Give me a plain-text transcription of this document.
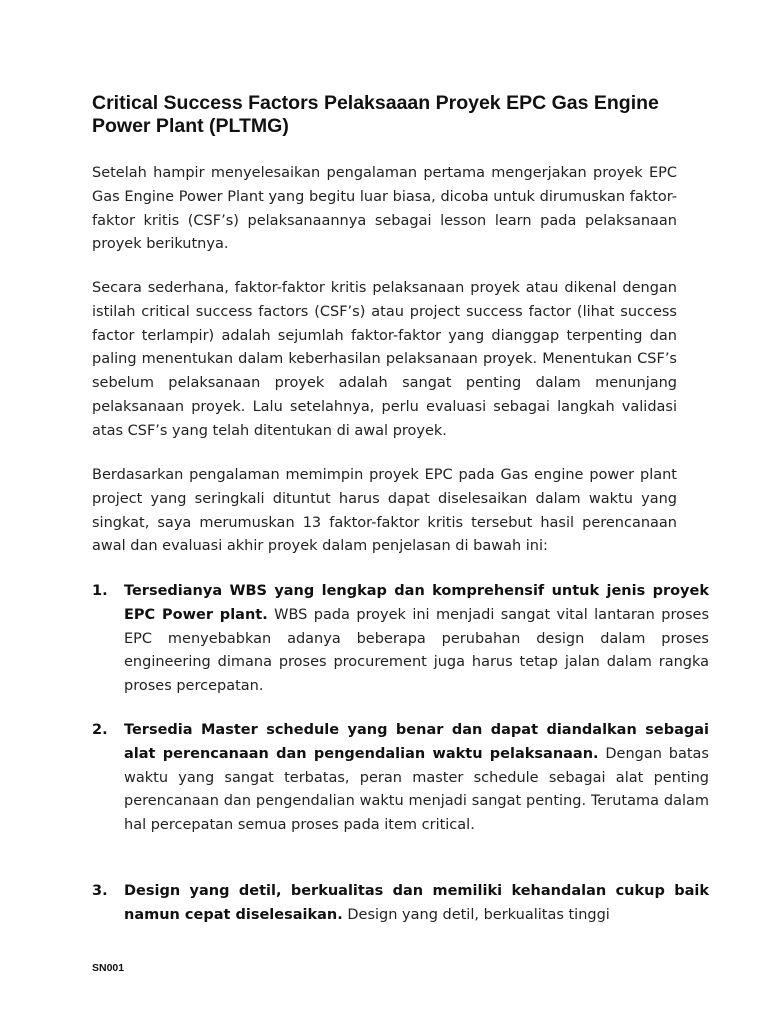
Critical Success Factors Pelaksaaan Proyek EPC Gas Engine Power Plant (PLTMG)

Setelah hampir menyelesaikan pengalaman pertama mengerjakan proyek EPC Gas Engine Power Plant yang begitu luar biasa, dicoba untuk dirumuskan faktor-faktor kritis (CSF’s) pelaksanaannya sebagai lesson learn pada pelaksanaan proyek berikutnya.

Secara sederhana, faktor-faktor kritis pelaksanaan proyek atau dikenal dengan istilah critical success factors (CSF’s) atau project success factor (lihat success factor terlampir) adalah sejumlah faktor-faktor yang dianggap terpenting dan paling menentukan dalam keberhasilan pelaksanaan proyek. Menentukan CSF’s sebelum pelaksanaan proyek adalah sangat penting dalam menunjang pelaksanaan proyek. Lalu setelahnya, perlu evaluasi sebagai langkah validasi atas CSF’s yang telah ditentukan di awal proyek.

Berdasarkan pengalaman memimpin proyek EPC pada Gas engine power plant project yang seringkali dituntut harus dapat diselesaikan dalam waktu yang singkat, saya merumuskan 13 faktor-faktor kritis tersebut hasil perencanaan awal dan evaluasi akhir proyek dalam penjelasan di bawah ini:

1. Tersedianya WBS yang lengkap dan komprehensif untuk jenis proyek EPC Power plant. WBS pada proyek ini menjadi sangat vital lantaran proses EPC menyebabkan adanya beberapa perubahan design dalam proses engineering dimana proses procurement juga harus tetap jalan dalam rangka proses percepatan.
2. Tersedia Master schedule yang benar dan dapat diandalkan sebagai alat perencanaan dan pengendalian waktu pelaksanaan. Dengan batas waktu yang sangat terbatas, peran master schedule sebagai alat penting perencanaan dan pengendalian waktu menjadi sangat penting. Terutama dalam hal percepatan semua proses pada item critical.
3. Design yang detil, berkualitas dan memiliki kehandalan cukup baik namun cepat diselesaikan. Design yang detil, berkualitas tinggi
SN001
